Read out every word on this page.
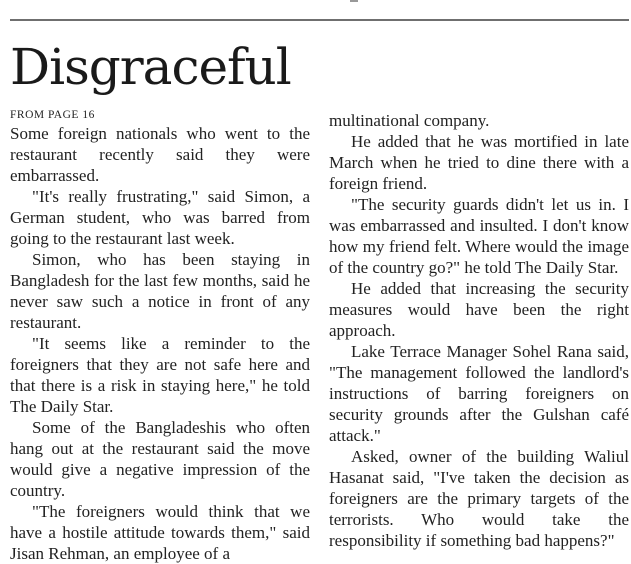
Disgraceful
FROM PAGE 16

Some foreign nationals who went to the restaurant recently said they were embarrassed.

"It's really frustrating," said Simon, a German student, who was barred from going to the restaurant last week.

Simon, who has been staying in Bangladesh for the last few months, said he never saw such a notice in front of any restaurant.

"It seems like a reminder to the foreigners that they are not safe here and that there is a risk in staying here," he told The Daily Star.

Some of the Bangladeshis who often hang out at the restaurant said the move would give a negative impression of the country.

"The foreigners would think that we have a hostile attitude towards them," said Jisan Rehman, an employee of a

multinational company.

He added that he was mortified in late March when he tried to dine there with a foreign friend.

"The security guards didn't let us in. I was embarrassed and insulted. I don't know how my friend felt. Where would the image of the country go?" he told The Daily Star.

He added that increasing the security measures would have been the right approach.

Lake Terrace Manager Sohel Rana said, "The management followed the landlord's instructions of barring foreigners on security grounds after the Gulshan café attack."

Asked, owner of the building Waliul Hasanat said, "I've taken the decision as foreigners are the primary targets of the terrorists. Who would take the responsibility if something bad happens?"
